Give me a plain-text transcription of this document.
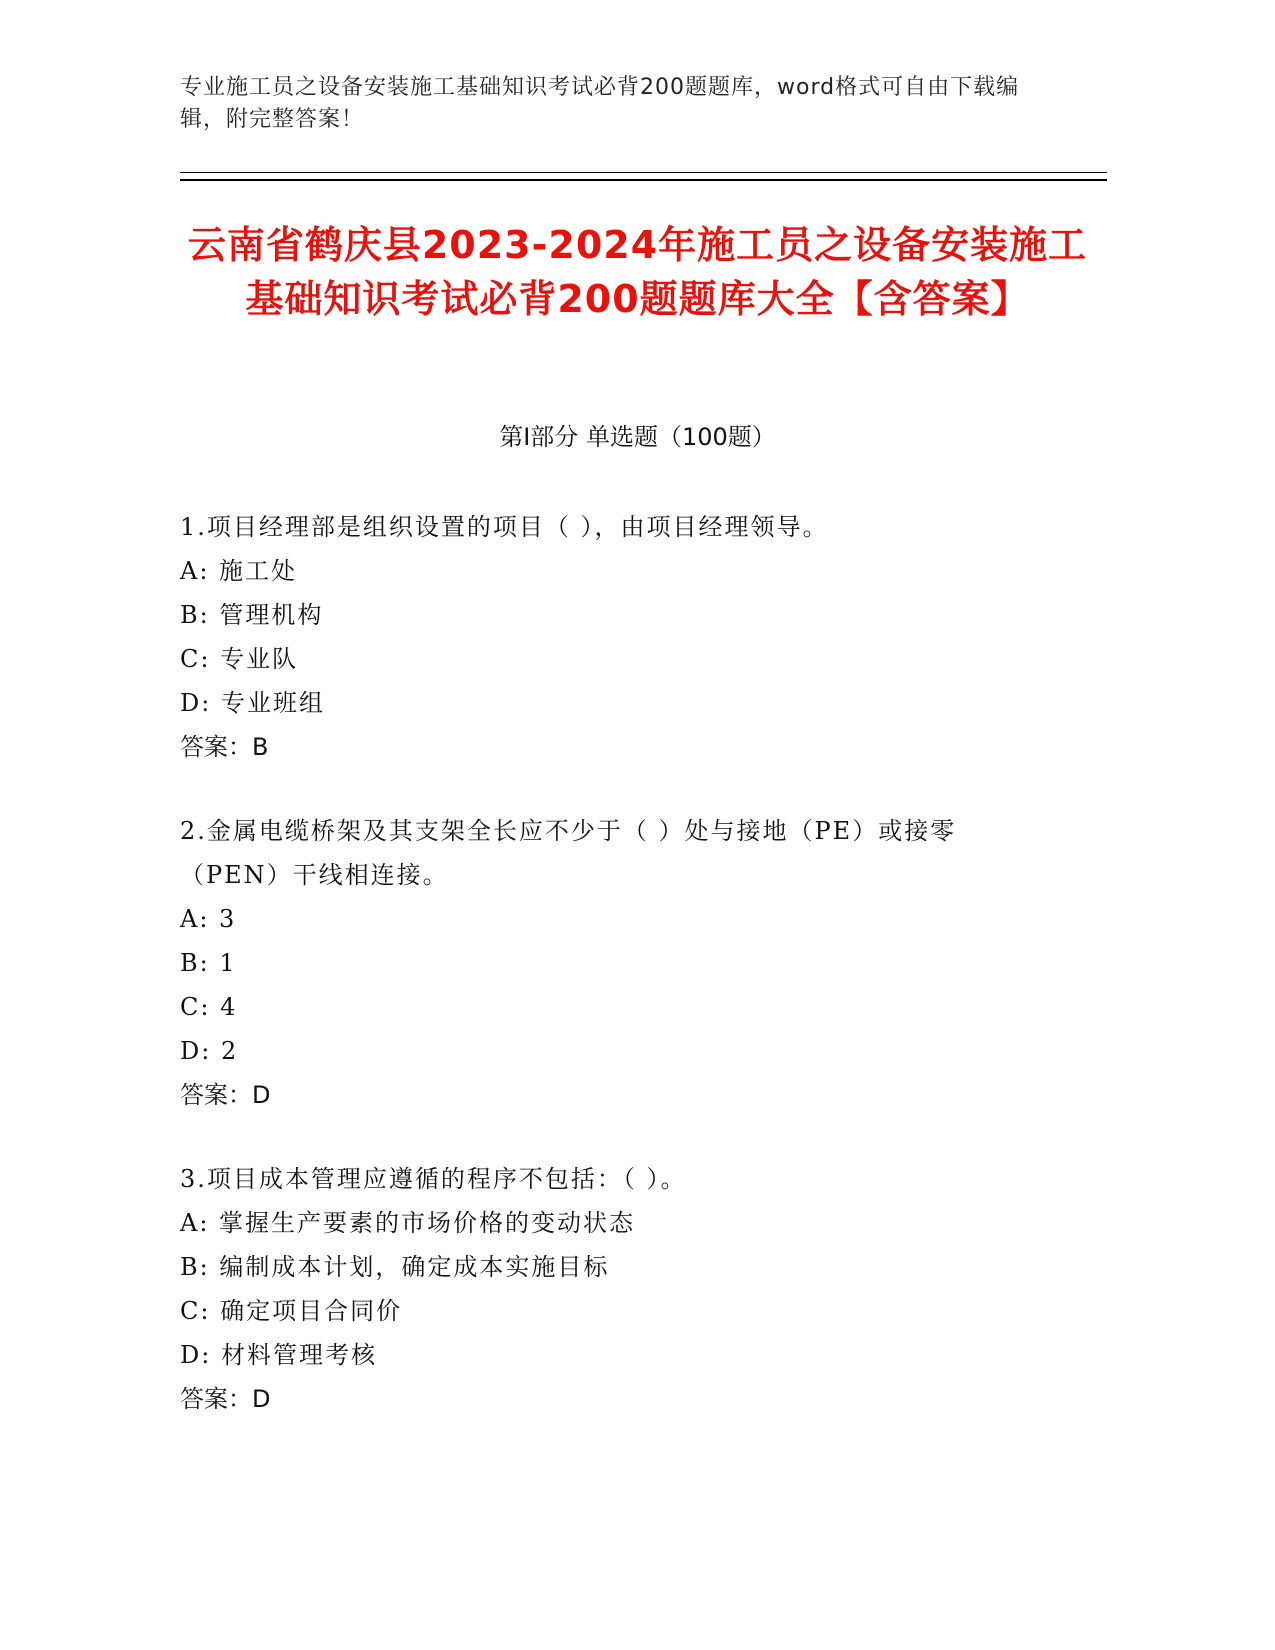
专业施工员之设备安装施工基础知识考试必背200题题库，word格式可自由下载编辑，附完整答案！
云南省鹤庆县2023-2024年施工员之设备安装施工基础知识考试必背200题题库大全【含答案】
第I部分 单选题（100题）

1.项目经理部是组织设置的项目（ ），由项目经理领导。

A: 施工处

B: 管理机构

C: 专业队

D: 专业班组

答案：B

2.金属电缆桥架及其支架全长应不少于（ ）处与接地（PE）或接零（PEN）干线相连接。

A: 3

B: 1

C: 4

D: 2

答案：D

3.项目成本管理应遵循的程序不包括：（ ）。

A: 掌握生产要素的市场价格的变动状态

B: 编制成本计划，确定成本实施目标

C: 确定项目合同价

D: 材料管理考核

答案：D
